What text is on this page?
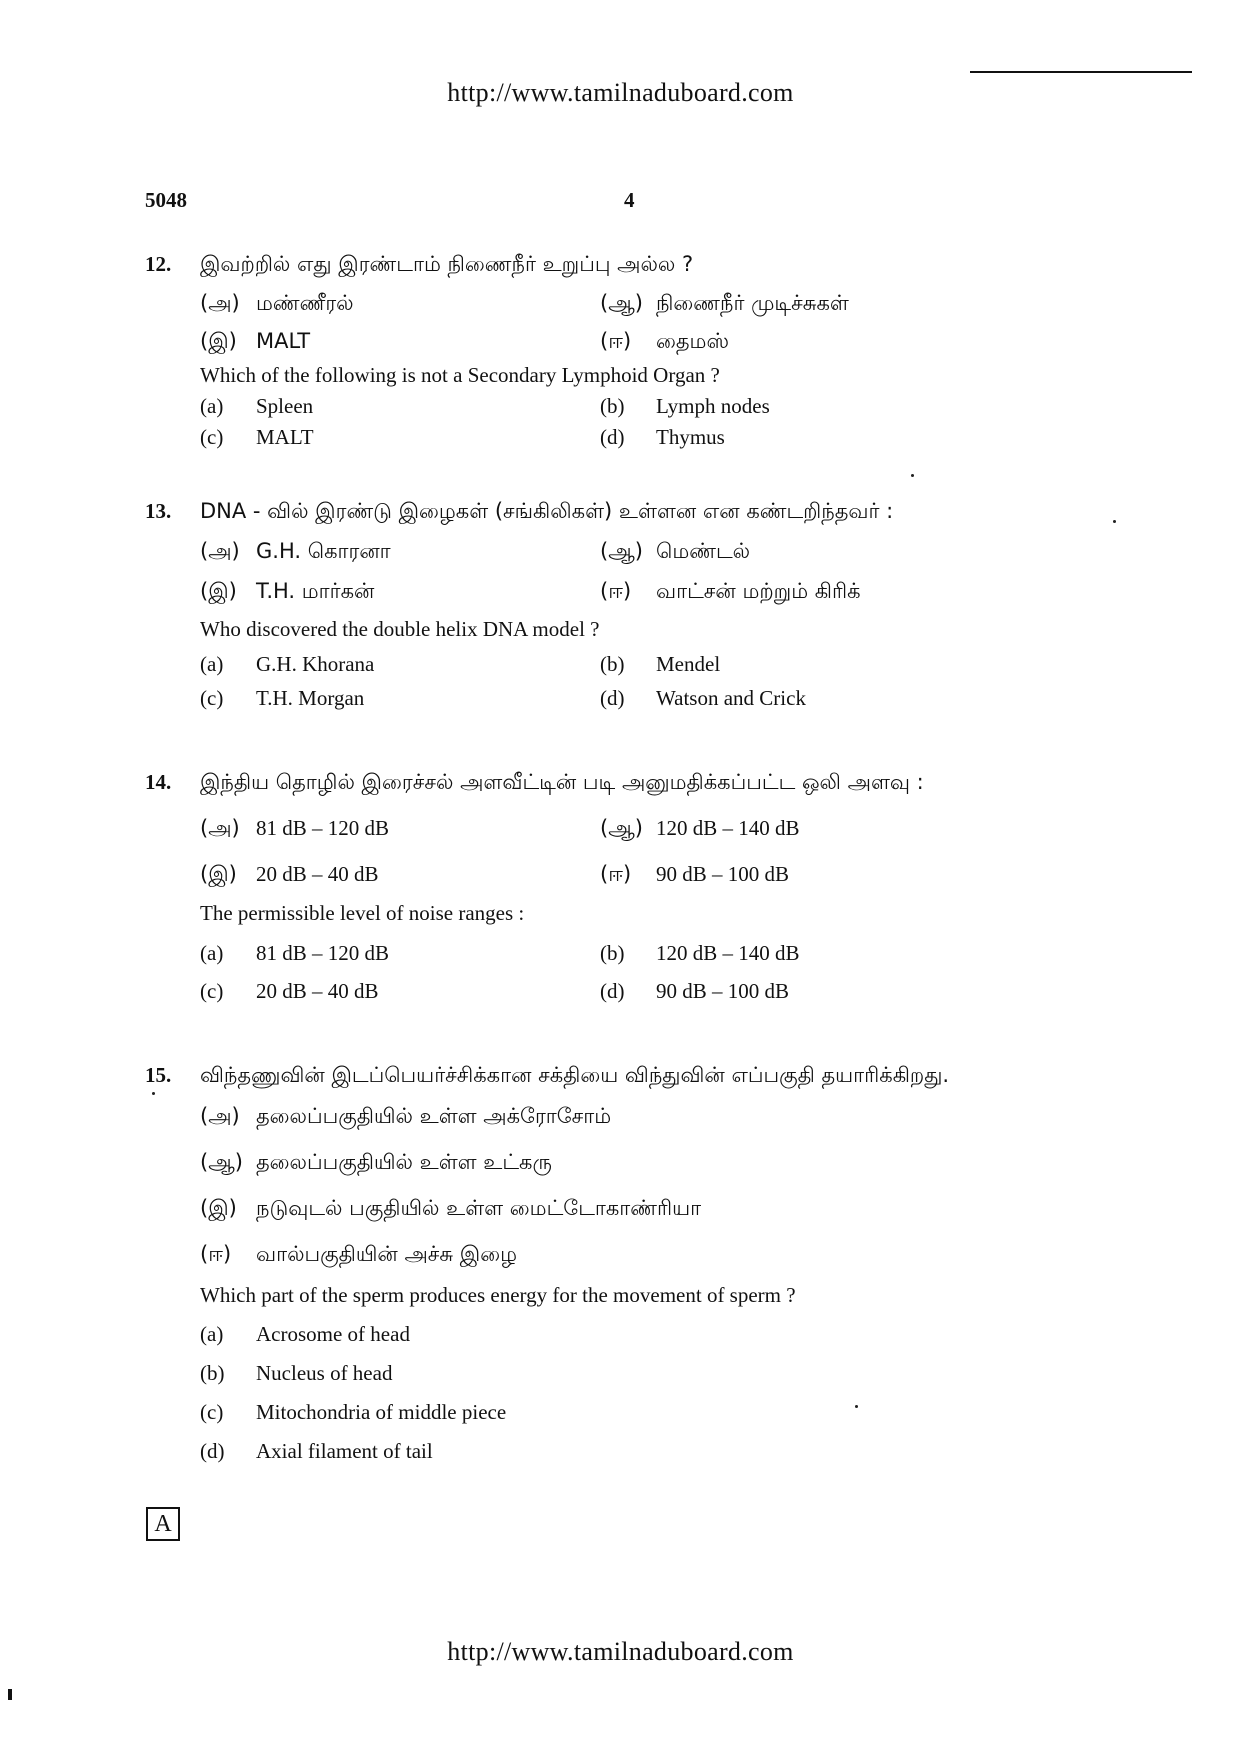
http://www.tamilnaduboard.com
5048	4
12. இவற்றில் எது இரண்டாம் நிணைநீர் உறுப்பு அல்ல ?
(அ) மண்ணீரல்	(ஆ) நிணைநீர் முடிச்சுகள்
(இ) MALT	(ஈ) தைமஸ்
Which of the following is not a Secondary Lymphoid Organ ?
(a) Spleen	(b) Lymph nodes
(c) MALT	(d) Thymus
13. DNA - வில் இரண்டு இழைகள் (சங்கிலிகள்) உள்ளன என கண்டறிந்தவர் :
(அ) G.H. கொரனா	(ஆ) மெண்டல்
(இ) T.H. மார்கன்	(ஈ) வாட்சன் மற்றும் கிரிக்
Who discovered the double helix DNA model ?
(a) G.H. Khorana	(b) Mendel
(c) T.H. Morgan	(d) Watson and Crick
14. இந்திய தொழில் இரைச்சல் அளவீட்டின் படி அனுமதிக்கப்பட்ட ஒலி அளவு :
(அ) 81 dB – 120 dB	(ஆ) 120 dB – 140 dB
(இ) 20 dB – 40 dB	(ஈ) 90 dB – 100 dB
The permissible level of noise ranges :
(a) 81 dB – 120 dB	(b) 120 dB – 140 dB
(c) 20 dB – 40 dB	(d) 90 dB – 100 dB
15. விந்தணுவின் இடப்பெயர்ச்சிக்கான சக்தியை விந்துவின் எப்பகுதி தயாரிக்கிறது.
(அ) தலைப்பகுதியில் உள்ள அக்ரோசோம்
(ஆ) தலைப்பகுதியில் உள்ள உட்கரு
(இ) நடுவுடல் பகுதியில் உள்ள மைட்டோகாண்ரியா
(ஈ) வால்பகுதியின் அச்சு இழை
Which part of the sperm produces energy for the movement of sperm ?
(a) Acrosome of head
(b) Nucleus of head
(c) Mitochondria of middle piece
(d) Axial filament of tail
A
http://www.tamilnaduboard.com
